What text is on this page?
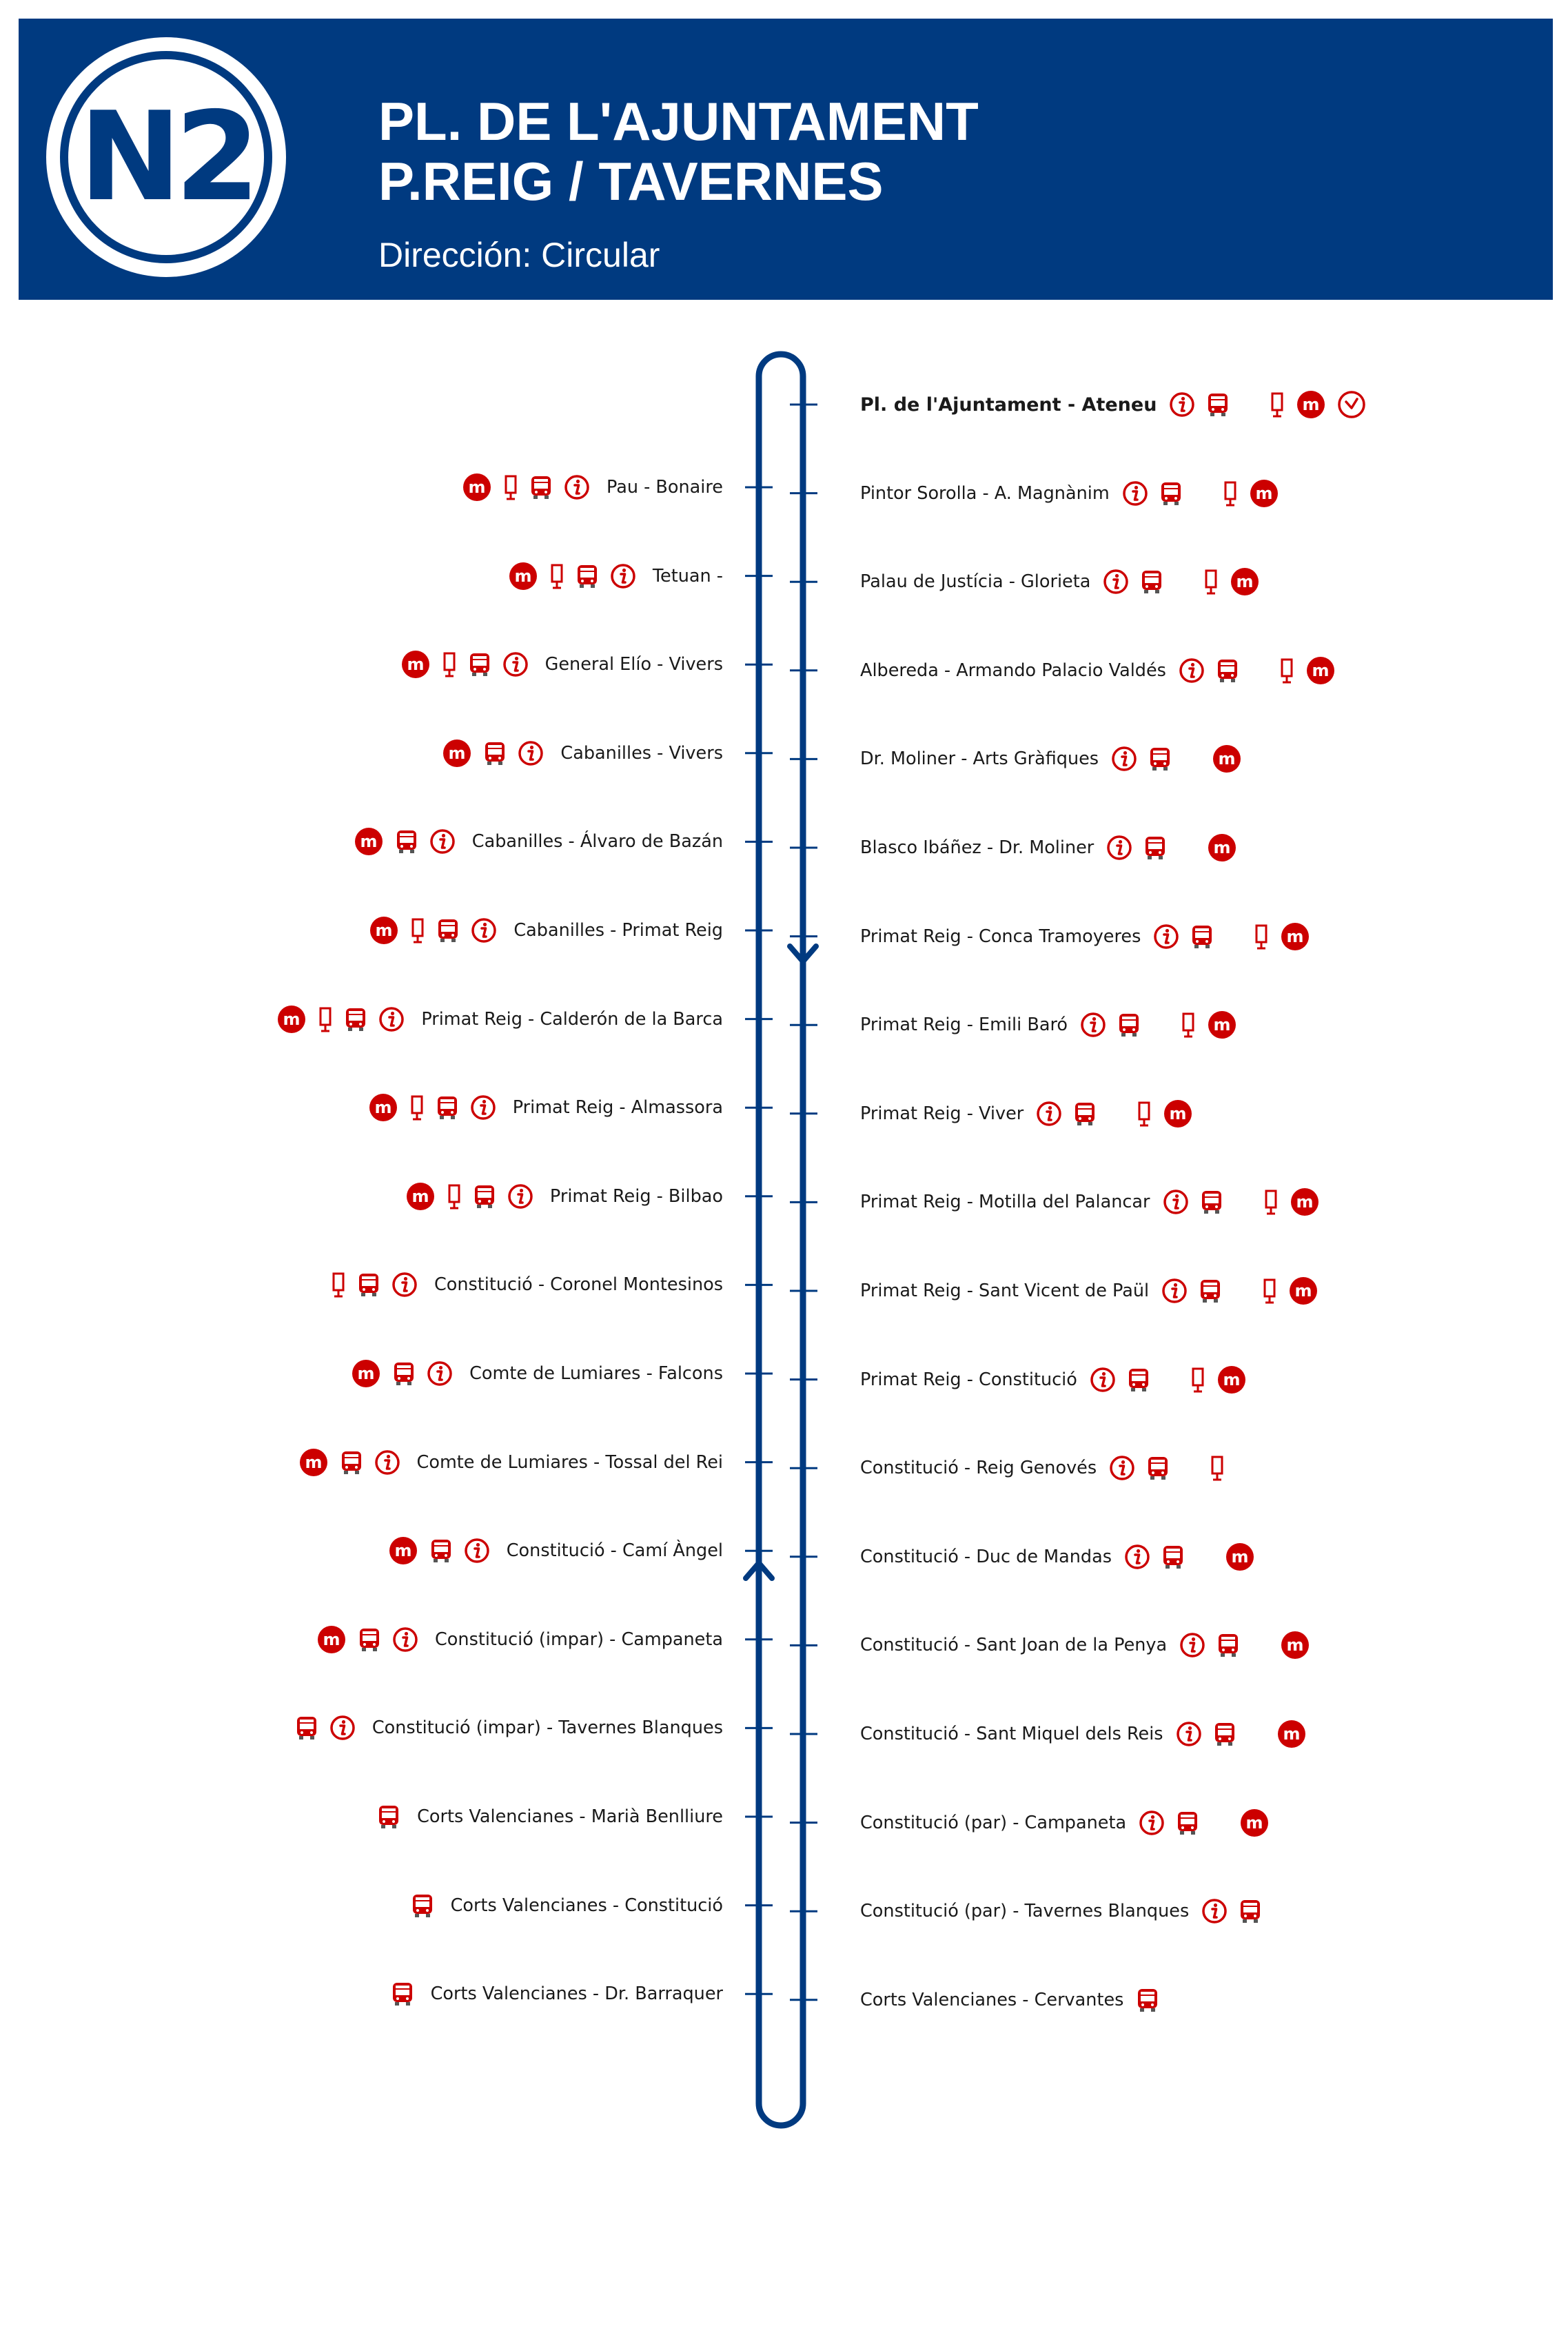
N2	PL. DE L'AJUNTAMENT
P.REIG / TAVERNES
Dirección: Circular
Pl. de l'Ajuntament - Ateneu	m
Pintor Sorolla - A. Magnànim	m
Palau de Justícia - Glorieta	m
Albereda - Armando Palacio Valdés	m
Dr. Moliner - Arts Gràfiques	m
Blasco Ibáñez - Dr. Moliner	m
Primat Reig - Conca Tramoyeres	m
Primat Reig - Emili Baró	m
Primat Reig - Viver	m
Primat Reig - Motilla del Palancar	m
Primat Reig - Sant Vicent de Paül	m
Primat Reig - Constitució	m
Constitució - Reig Genovés
Constitució - Duc de Mandas	m
Constitució - Sant Joan de la Penya	m
Constitució - Sant Miquel dels Reis	m
Constitució (par) - Campaneta	m
Constitució (par) - Tavernes Blanques
Corts Valencianes - Cervantes
m	Pau - Bonaire
m	Tetuan -
m	General Elío - Vivers
m	Cabanilles - Vivers
m	Cabanilles - Álvaro de Bazán
m	Cabanilles - Primat Reig
m	Primat Reig - Calderón de la Barca
m	Primat Reig - Almassora
m	Primat Reig - Bilbao
Constitució - Coronel Montesinos
m	Comte de Lumiares - Falcons
m	Comte de Lumiares - Tossal del Rei
m	Constitució - Camí Àngel
m	Constitució (impar) - Campaneta
Constitució (impar) - Tavernes Blanques
Corts Valencianes - Marià Benlliure
Corts Valencianes - Constitució
Corts Valencianes - Dr. Barraquer
